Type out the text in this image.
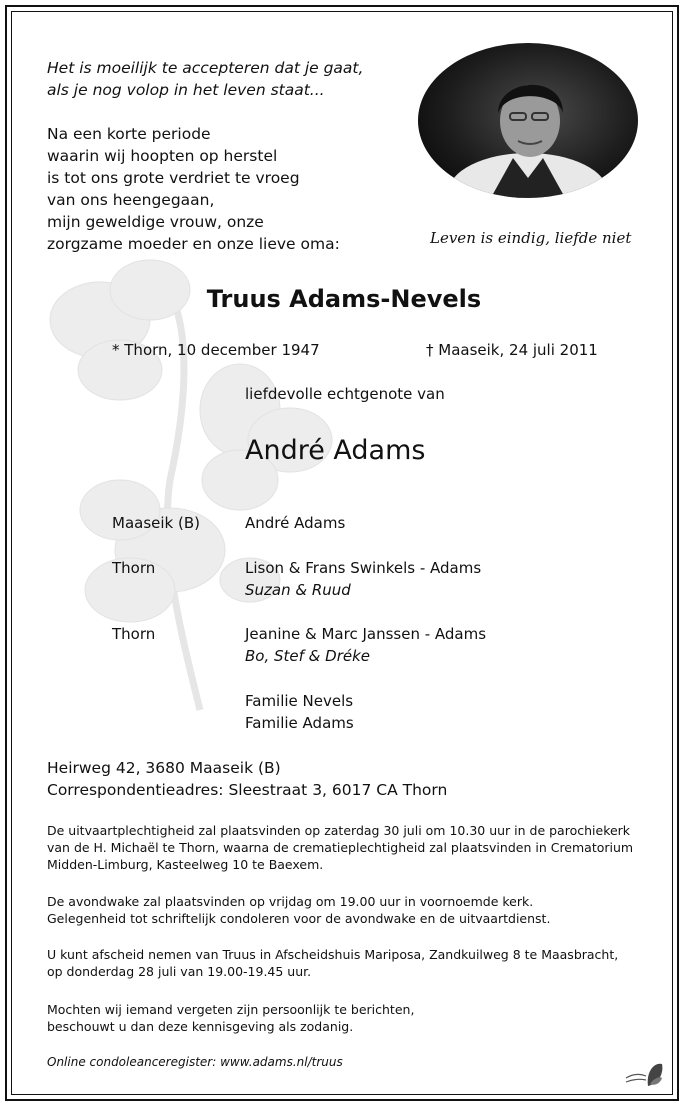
Het is moeilijk te accepteren dat je gaat,
als je nog volop in het leven staat...
Na een korte periode
waarin wij hoopten op herstel
is tot ons grote verdriet te vroeg
van ons heengegaan,
mijn geweldige vrouw, onze
zorgzame moeder en onze lieve oma:	Leven is eindig, liefde niet
Truus Adams-Nevels
* Thorn, 10 december 1947	† Maaseik, 24 juli 2011
liefdevolle echtgenote van
André Adams
Maaseik (B)	André Adams
Thorn	Lison & Frans Swinkels - Adams
Suzan & Ruud
Thorn	Jeanine & Marc Janssen - Adams
Bo, Stef & Dréke
Familie Nevels
Familie Adams
Heirweg 42, 3680 Maaseik (B)
Correspondentieadres: Sleestraat 3, 6017 CA Thorn
De uitvaartplechtigheid zal plaatsvinden op zaterdag 30 juli om 10.30 uur in de parochiekerk
van de H. Michaël te Thorn, waarna de crematieplechtigheid zal plaatsvinden in Crematorium
Midden-Limburg, Kasteelweg 10 te Baexem.
De avondwake zal plaatsvinden op vrijdag om 19.00 uur in voornoemde kerk.
Gelegenheid tot schriftelijk condoleren voor de avondwake en de uitvaartdienst.
U kunt afscheid nemen van Truus in Afscheidshuis Mariposa, Zandkuilweg 8 te Maasbracht,
op donderdag 28 juli van 19.00-19.45 uur.
Mochten wij iemand vergeten zijn persoonlijk te berichten,
beschouwt u dan deze kennisgeving als zodanig.
Online condoleanceregister: www.adams.nl/truus
